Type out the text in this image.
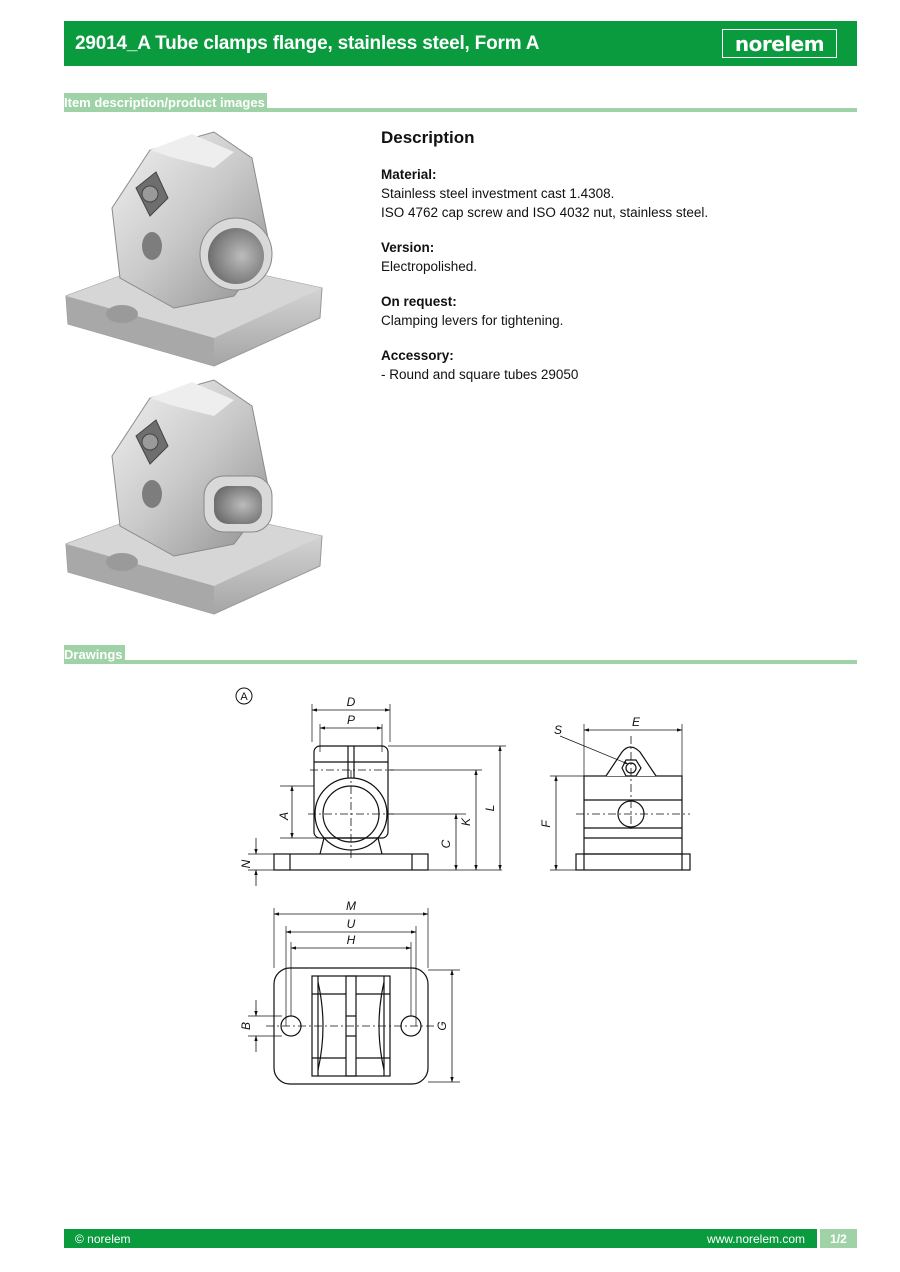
29014_A Tube clamps flange, stainless steel, Form A	norelem
Item description/product images
Description
Material:
Stainless steel investment cast 1.4308.
ISO 4762 cap screw and ISO 4032 nut, stainless steel.
Version:
Electropolished.
On request:
Clamping levers for tightening.
Accessory:
- Round and square tubes 29050
Drawings
A	D
P
A
N
C
K
L
S
E
F
M
U
H
B	G
© norelem	www.norelem.com	1/2
